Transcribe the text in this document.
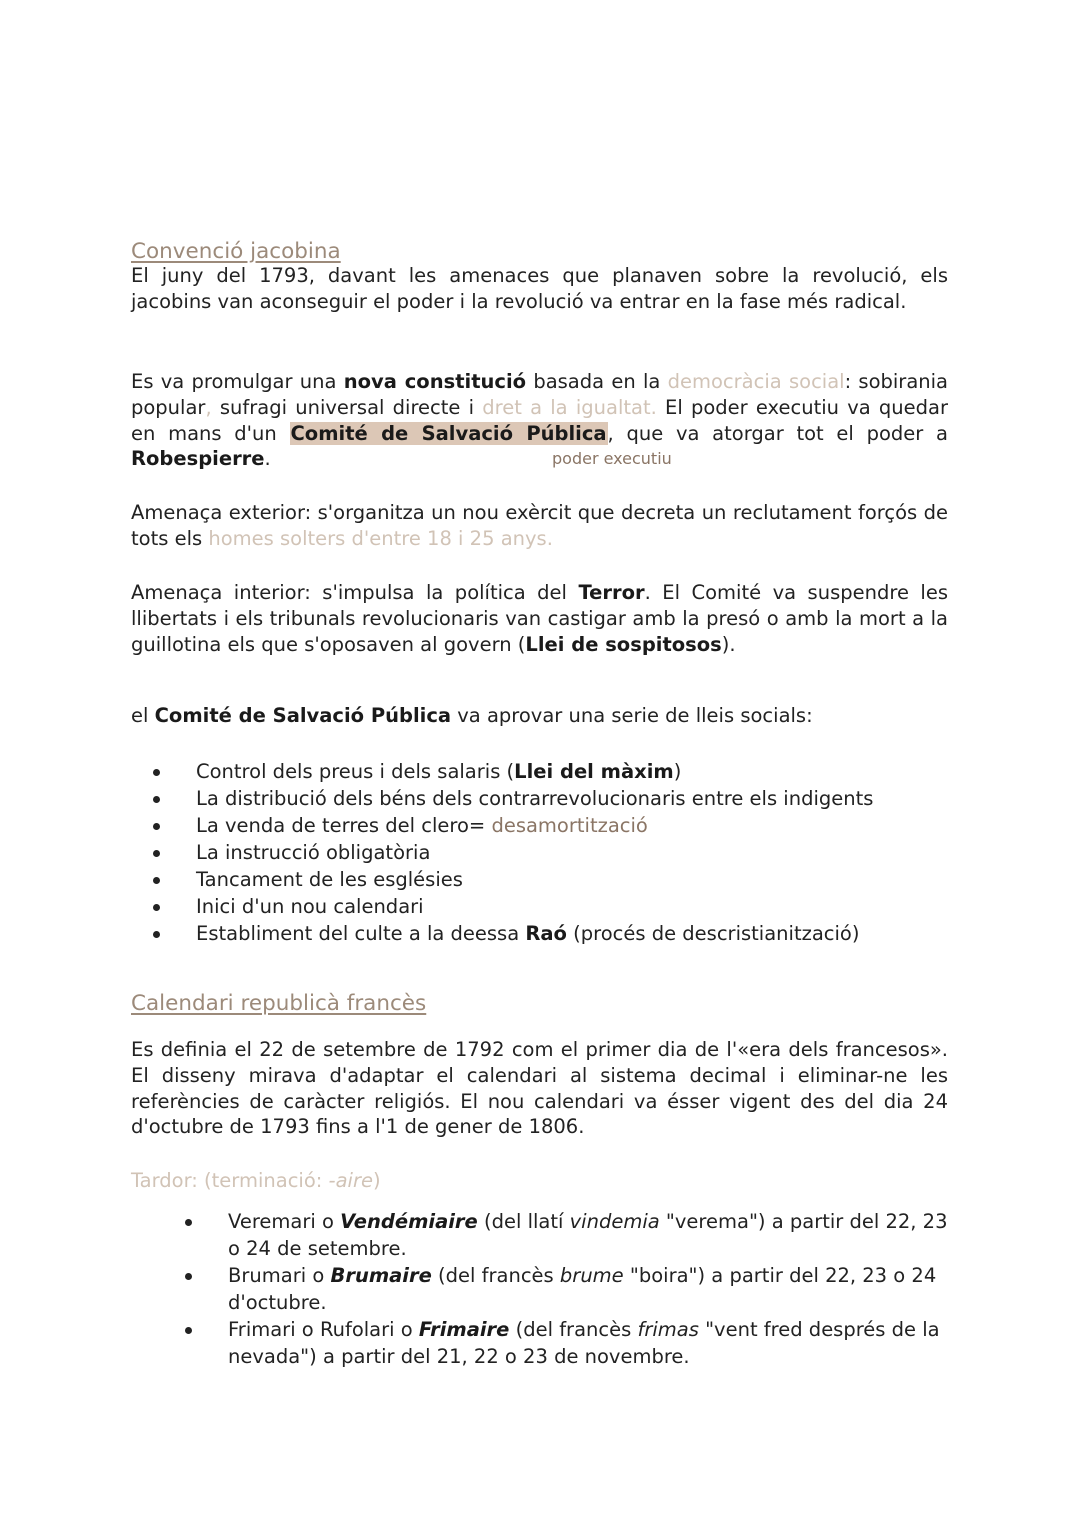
Convenció jacobina
El juny del 1793, davant les amenaces que planaven sobre la revolució, els jacobins van aconseguir el poder i la revolució va entrar en la fase més radical.
Es va promulgar una nova constitució basada en la democràcia social: sobirania popular, sufragi universal directe i dret a la igualtat. El poder executiu va quedar en mans d'un Comité de Salvació Pública, que va atorgar tot el poder a Robespierre.	poder executiu
Amenaça exterior: s'organitza un nou exèrcit que decreta un reclutament forçós de tots els homes solters d'entre 18 i 25 anys.
Amenaça interior: s'impulsa la política del Terror. El Comité va suspendre les llibertats i els tribunals revolucionaris van castigar amb la presó o amb la mort a la guillotina els que s'oposaven al govern (Llei de sospitosos).
el Comité de Salvació Pública va aprovar una serie de lleis socials:
Control dels preus i dels salaris (Llei del màxim)
La distribució dels béns dels contrarrevolucionaris entre els indigents
La venda de terres del clero= desamortització
La instrucció obligatòria
Tancament de les esglésies
Inici d'un nou calendari
Establiment del culte a la deessa Raó (procés de descristianització)
Calendari republicà francès
Es definia el 22 de setembre de 1792 com el primer dia de l'«era dels francesos». El disseny mirava d'adaptar el calendari al sistema decimal i eliminar-ne les referències de caràcter religiós. El nou calendari va ésser vigent des del dia 24 d'octubre de 1793 fins a l'1 de gener de 1806.
Tardor: (terminació: -aire)
Veremari o Vendémiaire (del llatí vindemia "verema") a partir del 22, 23 o 24 de setembre.
Brumari o Brumaire (del francès brume "boira") a partir del 22, 23 o 24 d'octubre.
Frimari o Rufolari o Frimaire (del francès frimas "vent fred després de la nevada") a partir del 21, 22 o 23 de novembre.
